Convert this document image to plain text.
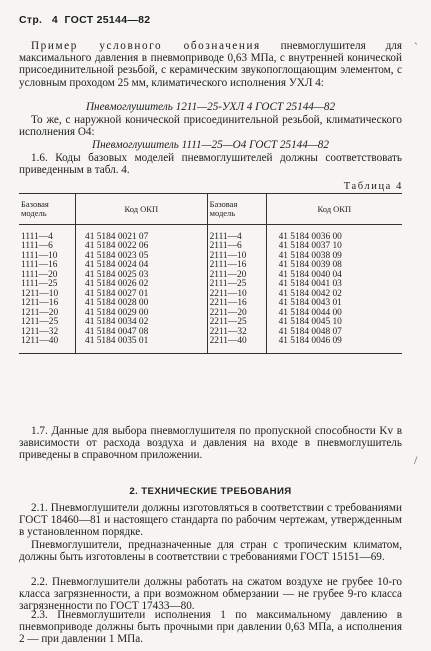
Стр. 4 ГОСТ 25144—82
Пример условного обозначения пневмоглушителя для максимального давления в пневмоприводе 0,63 МПа, с внутренней конической присоединительной резьбой, с керамическим звукопоглощающим элементом, с условным проходом 25 мм, климатического исполнения УХЛ 4:
Пневмоглушитель 1211—25-УХЛ 4 ГОСТ 25144—82
То же, с наружной конической присоединительной резьбой, климатического исполнения О4:
Пневмоглушитель 1111—25—О4 ГОСТ 25144—82
1.6. Коды базовых моделей пневмоглушителей должны соответствовать приведенным в табл. 4.
Таблица 4
Базовая модель	Код ОКП	Базовая модель	Код ОКП
1111—4	41 5184 0021 07	2111—4	41 5184 0036 00
1111—6	41 5184 0022 06	2111—6	41 5184 0037 10
1111—10	41 5184 0023 05	2111—10	41 5184 0038 09
1111—16	41 5184 0024 04	2111—16	41 5184 0039 08
1111—20	41 5184 0025 03	2111—20	41 5184 0040 04
1111—25	41 5184 0026 02	2111—25	41 5184 0041 03
1211—10	41 5184 0027 01	2211—10	41 5184 0042 02
1211—16	41 5184 0028 00	2211—16	41 5184 0043 01
1211—20	41 5184 0029 00	2211—20	41 5184 0044 00
1211—25	41 5184 0034 02	2211—25	41 5184 0045 10
1211—32	41 5184 0047 08	2211—32	41 5184 0048 07
1211—40	41 5184 0035 01	2211—40	41 5184 0046 09
1.7. Данные для выбора пневмоглушителя по пропускной способности Kv в зависимости от расхода воздуха и давления на входе в пневмоглушитель приведены в справочном приложении.
2. ТЕХНИЧЕСКИЕ ТРЕБОВАНИЯ
2.1. Пневмоглушители должны изготовляться в соответствии с требованиями ГОСТ 18460—81 и настоящего стандарта по рабочим чертежам, утвержденным в установленном порядке.
Пневмоглушители, предназначенные для стран с тропическим климатом, должны быть изготовлены в соответствии с требованиями ГОСТ 15151—69.
2.2. Пневмоглушители должны работать на сжатом воздухе не грубее 10-го класса загрязненности, а при возможном обмерзании — не грубее 9-го класса загрязненности по ГОСТ 17433—80.
2.3. Пневмоглушители исполнения 1 по максимальному давлению в пневмоприводе должны быть прочными при давлении 0,63 МПа, а исполнения 2 — при давлении 1 МПа.
ˋ
/
